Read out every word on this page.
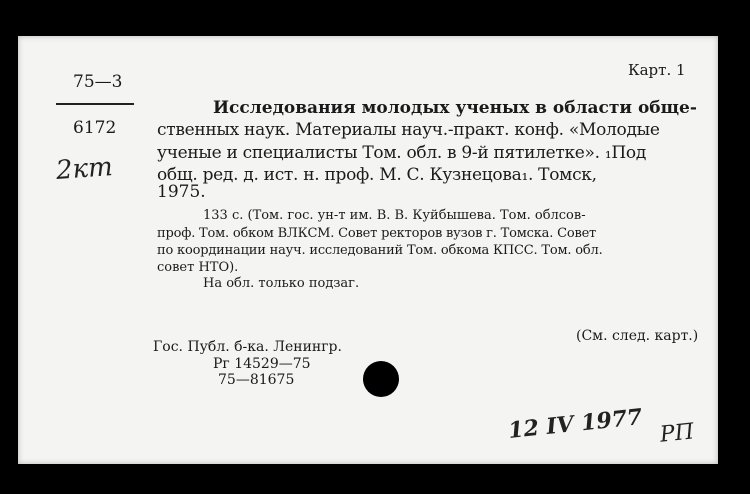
75—3
6172
2кт
Карт. 1
Исследования молодых ученых в области обще-
ственных наук. Материалы науч.-практ. конф. «Молодые
ученые и специалисты Том. обл. в 9-й пятилетке». ₁Под
общ. ред. д. ист. н. проф. М. С. Кузнецова₁. Томск,
1975.
133 с. (Том. гос. ун-т им. В. В. Куйбышева. Том. облсов-
проф. Том. обком ВЛКСМ. Совет ректоров вузов г. Томска. Совет
по координации науч. исследований Том. обкома КПСС. Том. обл.
совет НТО).
На обл. только подзаг.
(См. след. карт.)
Гос. Публ. б-ка. Ленингр.
Рг 14529—75
75—81675
12 IV 1977 РП
